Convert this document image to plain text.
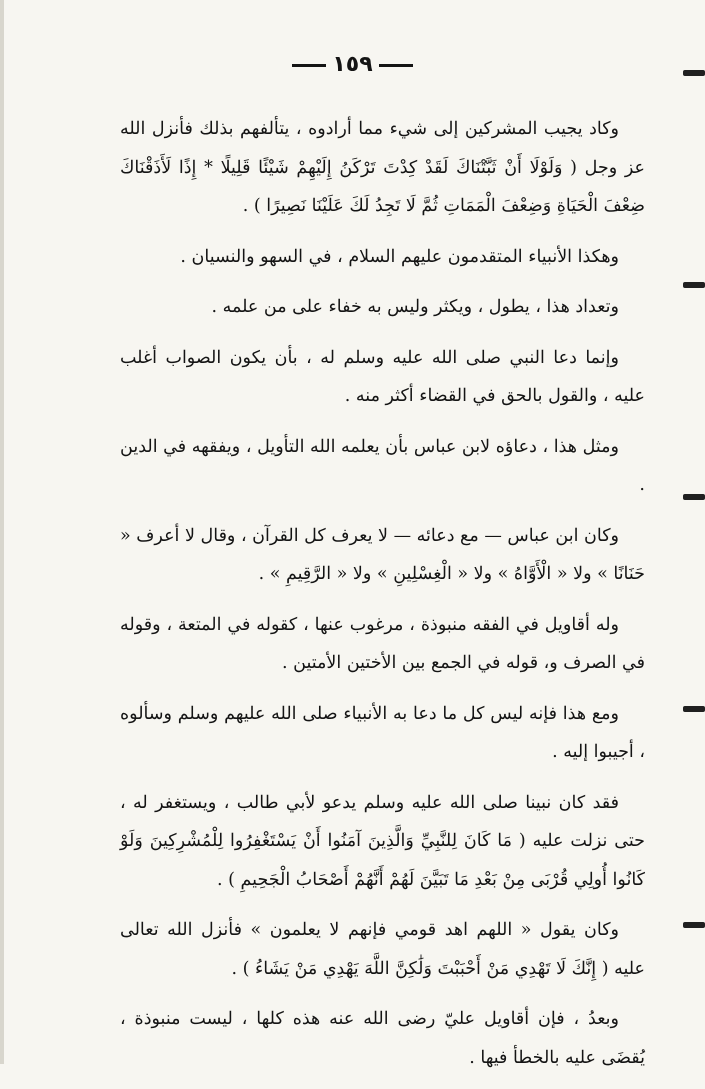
١٥٩

وكاد يجيب المشركين إلى شيء مما أرادوه ، يتألفهم بذلك فأنزل الله عز وجل ( وَلَوْلَا أَنْ ثَبَّتْنَاكَ لَقَدْ كِدْتَ تَرْكَنُ إِلَيْهِمْ شَيْئًا قَلِيلًا * إِذًا لَأَذَقْنَاكَ ضِعْفَ الْحَيَاةِ وَضِعْفَ الْمَمَاتِ ثُمَّ لَا تَجِدُ لَكَ عَلَيْنَا نَصِيرًا ) .

وهكذا الأنبياء المتقدمون عليهم السلام ، في السهو والنسيان .

وتعداد هذا ، يطول ، ويكثر وليس به خفاء على من علمه .

وإنما دعا النبي صلى الله عليه وسلم له ، بأن يكون الصواب أغلب عليه ، والقول بالحق في القضاء أكثر منه .

ومثل هذا ، دعاؤه لابن عباس بأن يعلمه الله التأويل ، ويفقهه في الدين .

وكان ابن عباس — مع دعائه — لا يعرف كل القرآن ، وقال لا أعرف « حَنَانًا » ولا « الْأَوَّاهُ » ولا « الْغِسْلِينِ » ولا « الرَّقِيمِ » .

وله أقاويل في الفقه منبوذة ، مرغوب عنها ، كقوله في المتعة ، وقوله في الصرف و، قوله في الجمع بين الأختين الأمتين .

ومع هذا فإنه ليس كل ما دعا به الأنبياء صلى الله عليهم وسلم وسألوه ، أجيبوا إليه .

فقد كان نبينا صلى الله عليه وسلم يدعو لأبي طالب ، ويستغفر له ، حتى نزلت عليه ( مَا كَانَ لِلنَّبِيِّ وَالَّذِينَ آمَنُوا أَنْ يَسْتَغْفِرُوا لِلْمُشْرِكِينَ وَلَوْ كَانُوا أُولِي قُرْبَى مِنْ بَعْدِ مَا تَبَيَّنَ لَهُمْ أَنَّهُمْ أَصْحَابُ الْجَحِيمِ ) .

وكان يقول « اللهم اهد قومي فإنهم لا يعلمون » فأنزل الله تعالى عليه ( إِنَّكَ لَا تَهْدِي مَنْ أَحْبَبْتَ وَلَٰكِنَّ اللَّهَ يَهْدِي مَنْ يَشَاءُ ) .

وبعدُ ، فإن أقاويل عليّ رضى الله عنه هذه كلها ، ليست منبوذة ، يُقضَى عليه بالخطأ فيها .
